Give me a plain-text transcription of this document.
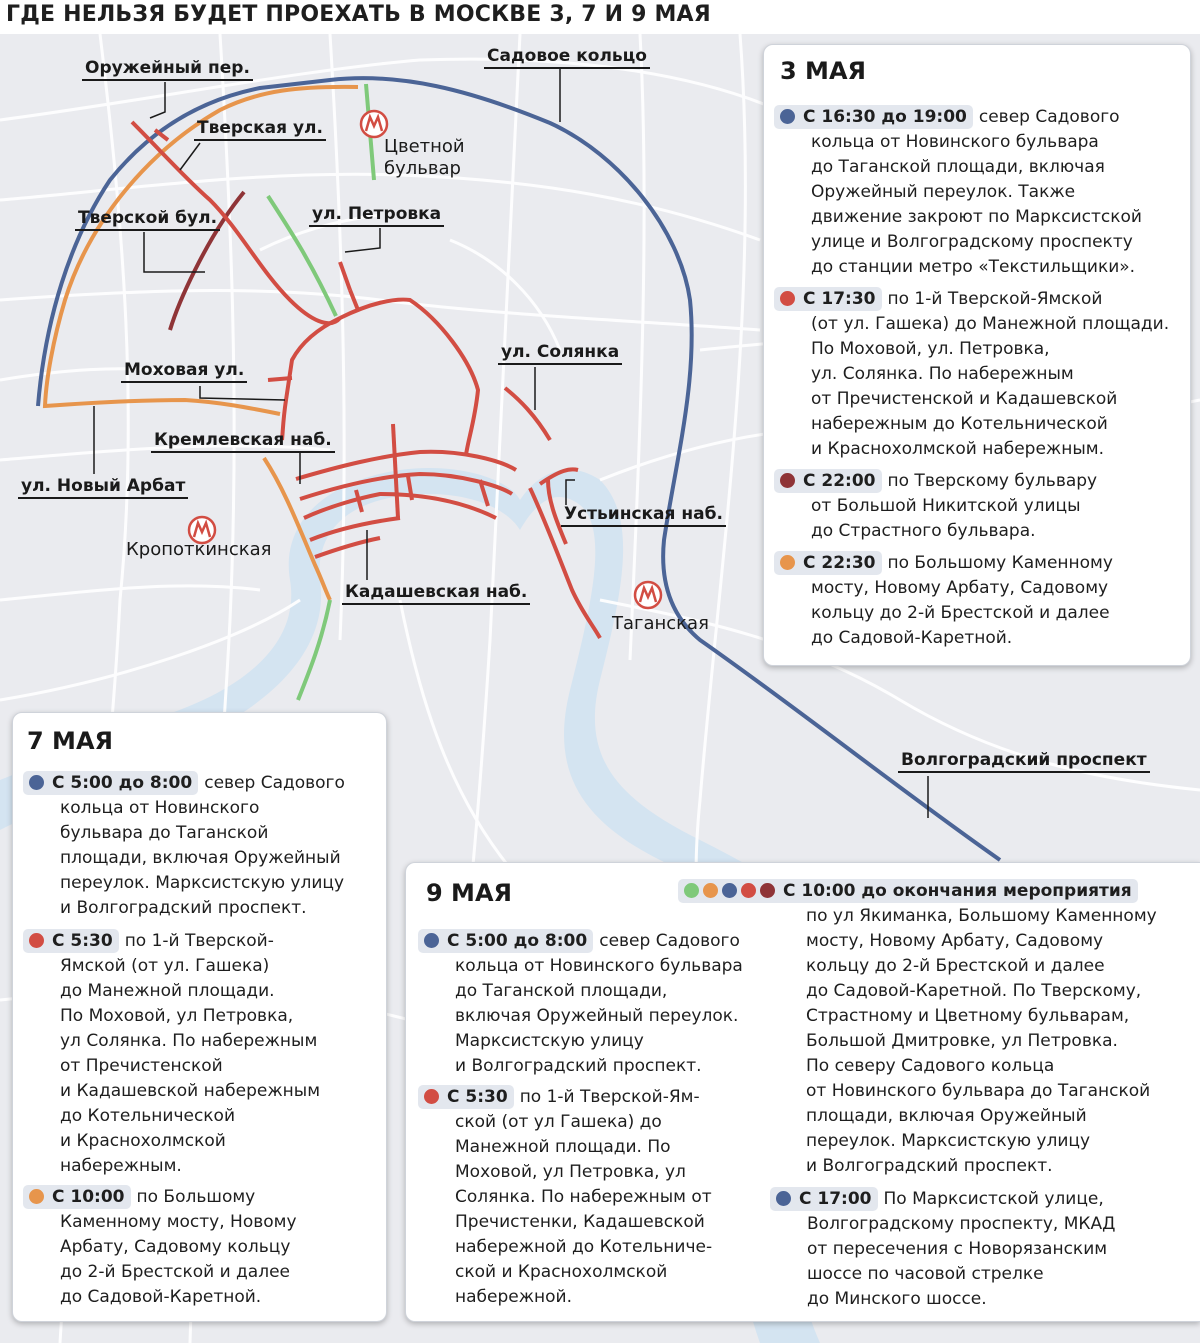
ГДЕ НЕЛЬЗЯ БУДЕТ ПРОЕХАТЬ В МОСКВЕ 3, 7 И 9 МАЯ
Оружейный пер.
Садовое кольцо
Тверская ул.
Цветной бульвар
Тверской бул.	ул. Петровка
Моховая ул.
ул. Солянка
Кремлевская наб.
ул. Новый Арбат
Устьинская наб.
Кропоткинская
Кадашевская наб.
Таганская
Волгоградский проспект
3 МАЯ
С 16:30 до 19:00 север Садового
кольца от Новинского бульвара
до Таганской площади, включая
Оружейный переулок. Также
движение закроют по Марксистской
улице и Волгоградскому проспекту
до станции метро «Текстильщики».
С 17:30 по 1-й Тверской-Ямской
(от ул. Гашека) до Манежной площади.
По Моховой, ул. Петровка,
ул. Солянка. По набережным
от Пречистенской и Кадашевской
набережным до Котельнической
и Краснохолмской набережным.
С 22:00 по Тверскому бульвару
от Большой Никитской улицы
до Страстного бульвара.
С 22:30 по Большому Каменному
мосту, Новому Арбату, Садовому
кольцу до 2-й Брестской и далее
до Садовой-Каретной.
7 МАЯ
С 5:00 до 8:00 север Садового
кольца от Новинского
бульвара до Таганской
площади, включая Оружейный
переулок. Марксистскую улицу
и Волгоградский проспект.
С 5:30 по 1-й Тверской-
Ямской (от ул. Гашека)
до Манежной площади.
По Моховой, ул Петровка,
ул Солянка. По набережным
от Пречистенской
и Кадашевской набережным
до Котельнической
и Краснохолмской
набережным.
С 10:00 по Большому
Каменному мосту, Новому
Арбату, Садовому кольцу
до 2-й Брестской и далее
до Садовой-Каретной.
9 МАЯ
С 5:00 до 8:00 север Садового
кольца от Новинского бульвара
до Таганской площади,
включая Оружейный переулок.
Марксистскую улицу
и Волгоградский проспект.
С 5:30 по 1-й Тверской-Ям-
ской (от ул Гашека) до
Манежной площади. По
Моховой, ул Петровка, ул
Солянка. По набережным от
Пречистенки, Кадашевской
набережной до Котельниче-
ской и Краснохолмской
набережной.
С 10:00 до окончания мероприятия
по ул Якиманка, Большому Каменному
мосту, Новому Арбату, Садовому
кольцу до 2-й Брестской и далее
до Садовой-Каретной. По Тверскому,
Страстному и Цветному бульварам,
Большой Дмитровке, ул Петровка.
По северу Садового кольца
от Новинского бульвара до Таганской
площади, включая Оружейный
переулок. Марксистскую улицу
и Волгоградский проспект.
С 17:00 По Марксистской улице,
Волгоградскому проспекту, МКАД
от пересечения с Новорязанским
шоссе по часовой стрелке
до Минского шоссе.
